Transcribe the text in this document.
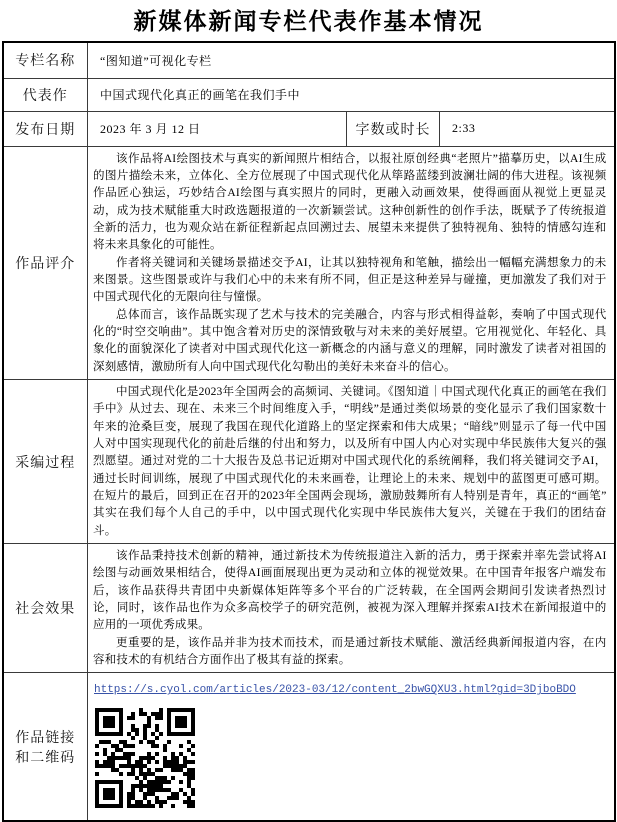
新媒体新闻专栏代表作基本情况
专栏名称	“图知道”可视化专栏		
代表作	中国式现代化真正的画笔在我们手中		
发布日期	2023 年 3 月 12 日	字数或时长	2:33
作品评介	该作品将AI绘图技术与真实的新闻照片相结合，以报社原创经典“老照片”描摹历史，以AI生成的图片描绘未来，立体化、全方位展现了中国式现代化从筚路蓝缕到波澜壮阔的伟大进程。该视频作品匠心独运，巧妙结合AI绘图与真实照片的同时，更融入动画效果，使得画面从视觉上更显灵动，成为技术赋能重大时政选题报道的一次新颖尝试。这种创新性的创作手法，既赋予了传统报道全新的活力，也为观众站在新征程新起点回溯过去、展望未来提供了独特视角、独特的情感勾连和将未来具象化的可能性。

作者将关键词和关键场景描述交予AI，让其以独特视角和笔触，描绘出一幅幅充满想象力的未来图景。这些图景或许与我们心中的未来有所不同，但正是这种差异与碰撞，更加激发了我们对于中国式现代化的无限向往与憧憬。

总体而言，该作品既实现了艺术与技术的完美融合，内容与形式相得益彰，奏响了中国式现代化的“时空交响曲”。其中饱含着对历史的深情致敬与对未来的美好展望。它用视觉化、年轻化、具象化的面貌深化了读者对中国式现代化这一新概念的内涵与意义的理解，同时激发了读者对祖国的深刻感情，激励所有人向中国式现代化勾勒出的美好未来奋斗的信心。		

采编过程	中国式现代化是2023年全国两会的高频词、关键词。《图知道｜中国式现代化真正的画笔在我们手中》从过去、现在、未来三个时间维度入手，“明线”是通过类似场景的变化显示了我们国家数十年来的沧桑巨变，展现了我国在现代化道路上的坚定探索和伟大成果；“暗线”则显示了每一代中国人对中国实现现代化的前赴后继的付出和努力，以及所有中国人内心对实现中华民族伟大复兴的强烈愿望。通过对党的二十大报告及总书记近期对中国式现代化的系统阐释，我们将关键词交予AI，通过长时间训练，展现了中国式现代化的未来画卷，让理论上的未来、规划中的蓝图更可感可期。在短片的最后，回到正在召开的2023年全国两会现场，激励鼓舞所有人特别是青年，真正的“画笔”其实在我们每个人自己的手中，以中国式现代化实现中华民族伟大复兴，关键在于我们的团结奋斗。		

社会效果	该作品秉持技术创新的精神，通过新技术为传统报道注入新的活力，勇于探索并率先尝试将AI绘图与动画效果相结合，使得AI画面展现出更为灵动和立体的视觉效果。在中国青年报客户端发布后，该作品获得共青团中央新媒体矩阵等多个平台的广泛转载，在全国两会期间引发读者热烈讨论，同时，该作品也作为众多高校学子的研究范例，被视为深入理解并探索AI技术在新闻报道中的应用的一项优秀成果。

更重要的是，该作品并非为技术而技术，而是通过新技术赋能、激活经典新闻报道内容，在内容和技术的有机结合方面作出了极其有益的探索。		

作品链接
和二维码	https://s.cyol.com/articles/2023-03/12/content_2bwGQXU3.html?gid=3DjboBDO		
